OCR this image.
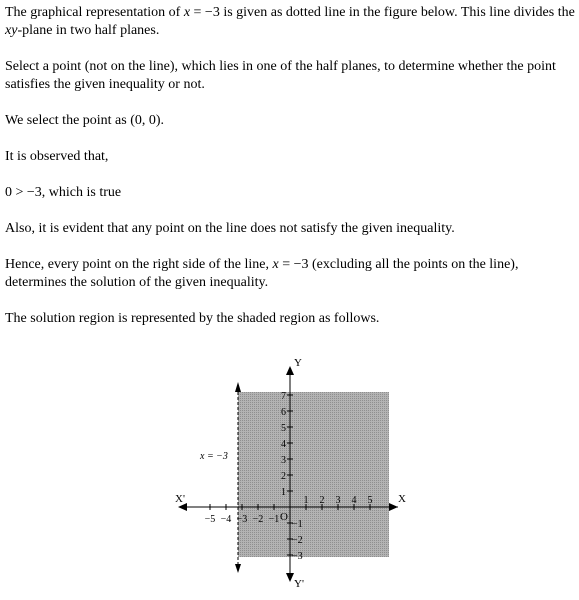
The graphical representation of x = −3 is given as dotted line in the figure below. This line divides the xy-plane in two half planes.

Select a point (not on the line), which lies in one of the half planes, to determine whether the point satisfies the given inequality or not.

We select the point as (0, 0).

It is observed that,

0 > −3, which is true

Also, it is evident that any point on the line does not satisfy the given inequality.

Hence, every point on the right side of the line, x = −3 (excluding all the points on the line), determines the solution of the given inequality.

The solution region is represented by the shaded region as follows.

Y
Y'
X
X'
O
x = −3
1 2 3 4 5
−5 −4 −3 −2 −1
1
2
3
4
5
6
7
−1
−2
−3
